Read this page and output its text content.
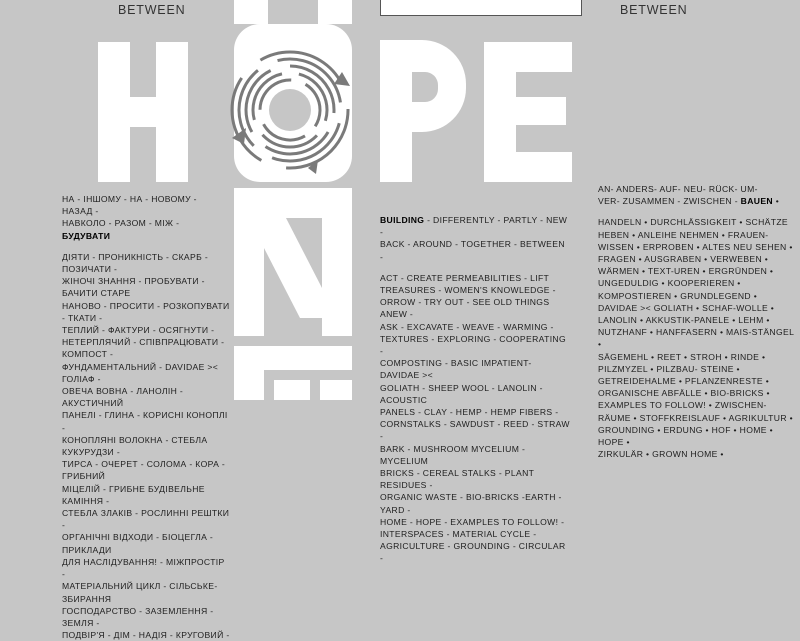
BETWEEN	BETWEEN

НА - ІНШОМУ - НА - НОВОМУ - НАЗАД -

НАВКОЛО - РАЗОМ - МІЖ - БУДУВАТИ

ДІЯТИ - ПРОНИКНІСТЬ - СКАРБ - ПОЗИЧАТИ -

ЖІНОЧІ ЗНАННЯ - ПРОБУВАТИ - БАЧИТИ СТАРЕ

НАНОВО - ПРОСИТИ - РОЗКОПУВАТИ - ТКАТИ -

ТЕПЛИЙ - ФАКТУРИ - ОСЯГНУТИ -

НЕТЕРПЛЯЧИЙ - СПІВПРАЦЮВАТИ - КОМПОСТ -

ФУНДАМЕНТАЛЬНИЙ - DAVIDAE >< ГОЛІАФ -

ОВЕЧА ВОВНА - ЛАНОЛІН - АКУСТИЧНИЙ

ПАНЕЛІ - ГЛИНА - КОРИСНІ КОНОПЛІ -

КОНОПЛЯНІ ВОЛОКНА - СТЕБЛА КУКУРУДЗИ -

ТИРСА - ОЧЕРЕТ - СОЛОМА - КОРА - ГРИБНИЙ

МІЦЕЛІЙ - ГРИБНЕ БУДІВЕЛЬНЕ КАМІННЯ -

СТЕБЛА ЗЛАКІВ - РОСЛИННІ РЕШТКИ -

ОРГАНІЧНІ ВІДХОДИ - БІОЦЕГЛА - ПРИКЛАДИ

ДЛЯ НАСЛІДУВАННЯ! - МІЖПРОСТІР -

МАТЕРІАЛЬНИЙ ЦИКЛ - СІЛЬСЬКЕ- ЗБИРАННЯ

ГОСПОДАРСТВО - ЗАЗЕМЛЕННЯ - ЗЕМЛЯ -

ПОДВІР'Я - ДІМ - НАДІЯ - КРУГОВИЙ -

BUILDING - DIFFERENTLY - PARTLY - NEW -

BACK - AROUND - TOGETHER - BETWEEN -

ACT - CREATE PERMEABILITIES - LIFT

TREASURES - WOMEN'S KNOWLEDGE -

ORROW - TRY OUT - SEE OLD THINGS ANEW -

ASK - EXCAVATE - WEAVE - WARMING -

TEXTURES - EXPLORING - COOPERATING -

COMPOSTING - BASIC IMPATIENT- DAVIDAE ><

GOLIATH - SHEEP WOOL - LANOLIN - ACOUSTIC

PANELS - CLAY - HEMP - HEMP FIBERS -

CORNSTALKS - SAWDUST - REED - STRAW -

BARK - MUSHROOM MYCELIUM - MYCELIUM

BRICKS - CEREAL STALKS - PLANT RESIDUES -

ORGANIC WASTE - BIO-BRICKS -EARTH - YARD -

HOME - HOPE - EXAMPLES TO FOLLOW! -

INTERSPACES - MATERIAL CYCLE -

AGRICULTURE - GROUNDING - CIRCULAR -

AN- ANDERS- AUF- NEU- RÜCK- UM-

VER- ZUSAMMEN - ZWISCHEN - BAUEN •

HANDELN • DURCHLÄSSIGKEIT • SCHÄTZE

HEBEN • ANLEIHE NEHMEN • FRAUEN-

WISSEN • ERPROBEN • ALTES NEU SEHEN •

FRAGEN • AUSGRABEN • VERWEBEN •

WÄRMEN • TEXT-UREN • ERGRÜNDEN •

UNGEDULDIG • KOOPERIEREN •

KOMPOSTIEREN • GRUNDLEGEND •

DAVIDAE >< GOLIATH • SCHAF-WOLLE •

LANOLIN • AKKUSTIK-PANELE • LEHM •

NUTZHANF • HANFFASERN • MAIS-STÄNGEL •

SÄGEMEHL • REET • STROH • RINDE •

PILZMYZEL • PILZBAU- STEINE •

GETREIDEHALME • PFLANZENRESTE •

ORGANISCHE ABFÄLLE • BIO-BRICKS •

EXAMPLES TO FOLLOW! • ZWISCHEN-

RÄUME • STOFFKREISLAUF • AGRIKULTUR •

GROUNDING • ERDUNG • HOF • HOME • HOPE •

ZIRKULÄR • GROWN HOME •
